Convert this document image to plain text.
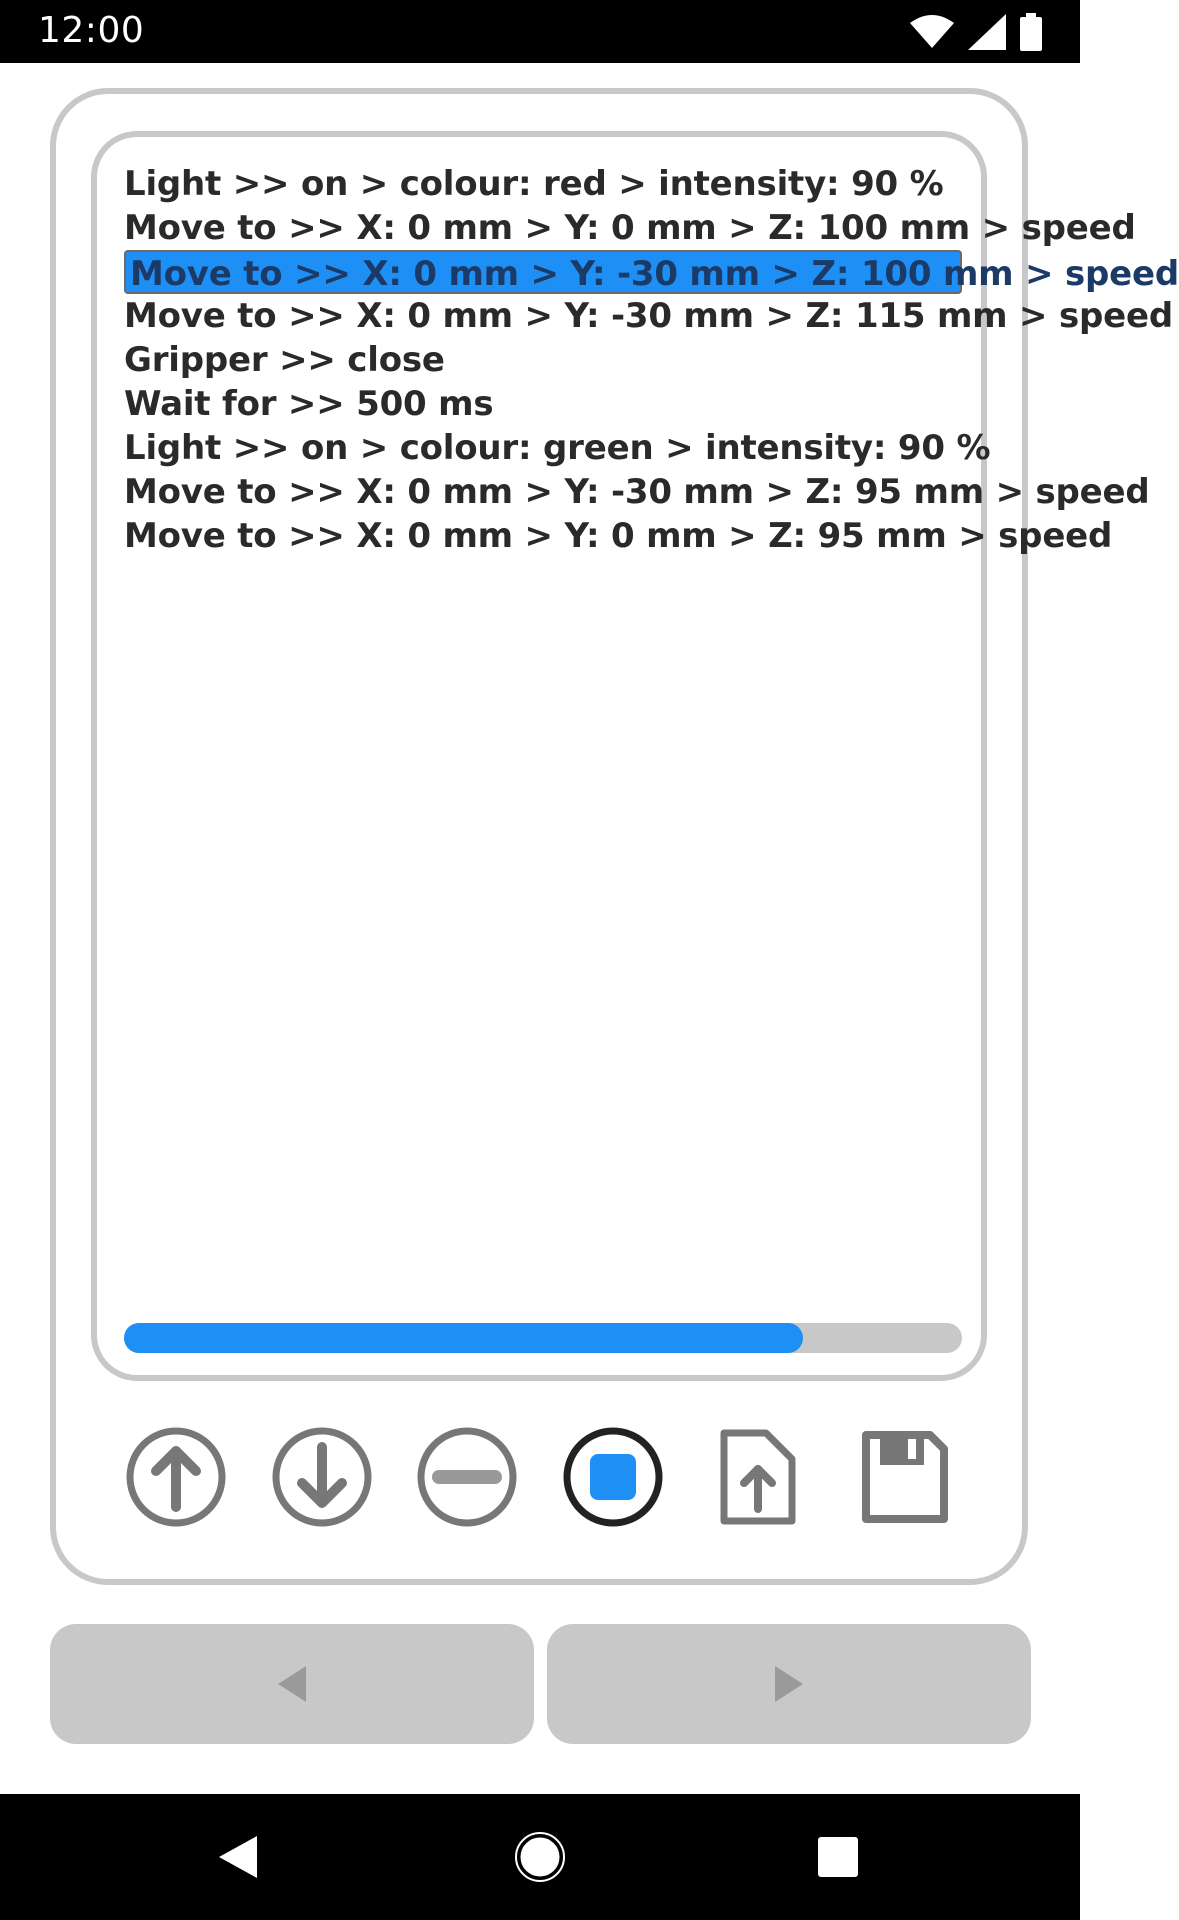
12:00
Light >> on > colour: red > intensity: 90 %
Move to >> X: 0 mm > Y: 0 mm > Z: 100 mm > speed
Move to >> X: 0 mm > Y: -30 mm > Z: 100 mm > speed
Move to >> X: 0 mm > Y: -30 mm > Z: 115 mm > speed
Gripper >> close
Wait for >> 500 ms
Light >> on > colour: green > intensity: 90 %
Move to >> X: 0 mm > Y: -30 mm > Z: 95 mm > speed
Move to >> X: 0 mm > Y: 0 mm > Z: 95 mm > speed
